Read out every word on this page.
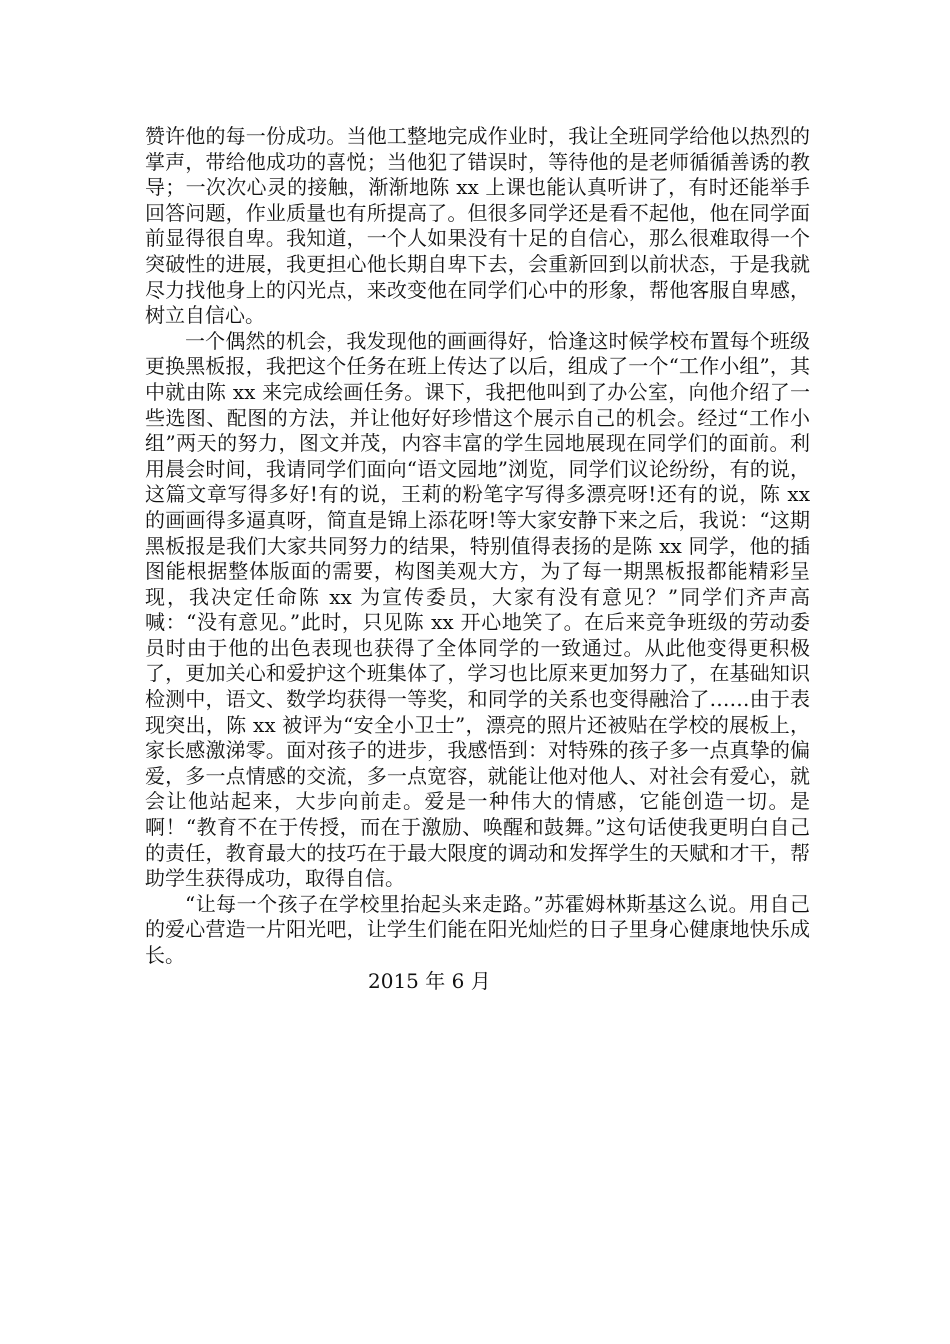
赞许他的每一份成功。当他工整地完成作业时，我让全班同学给他以热烈的掌声，带给他成功的喜悦；当他犯了错误时，等待他的是老师循循善诱的教导；一次次心灵的接触，渐渐地陈 xx 上课也能认真听讲了，有时还能举手回答问题，作业质量也有所提高了。但很多同学还是看不起他，他在同学面前显得很自卑。我知道，一个人如果没有十足的自信心，那么很难取得一个突破性的进展，我更担心他长期自卑下去，会重新回到以前状态，于是我就尽力找他身上的闪光点，来改变他在同学们心中的形象，帮他客服自卑感，树立自信心。

一个偶然的机会，我发现他的画画得好，恰逢这时候学校布置每个班级更换黑板报，我把这个任务在班上传达了以后，组成了一个“工作小组”，其中就由陈 xx 来完成绘画任务。课下，我把他叫到了办公室，向他介绍了一些选图、配图的方法，并让他好好珍惜这个展示自己的机会。经过“工作小组”两天的努力，图文并茂，内容丰富的学生园地展现在同学们的面前。利用晨会时间，我请同学们面向“语文园地”浏览，同学们议论纷纷，有的说，这篇文章写得多好!有的说，王莉的粉笔字写得多漂亮呀!还有的说，陈 xx 的画画得多逼真呀，简直是锦上添花呀!等大家安静下来之后，我说：“这期黑板报是我们大家共同努力的结果，特别值得表扬的是陈 xx 同学，他的插图能根据整体版面的需要，构图美观大方，为了每一期黑板报都能精彩呈现，我决定任命陈 xx 为宣传委员，大家有没有意见？”同学们齐声高喊：“没有意见。”此时，只见陈 xx 开心地笑了。在后来竞争班级的劳动委员时由于他的出色表现也获得了全体同学的一致通过。从此他变得更积极了，更加关心和爱护这个班集体了，学习也比原来更加努力了，在基础知识检测中，语文、数学均获得一等奖，和同学的关系也变得融洽了……由于表现突出，陈 xx 被评为“安全小卫士”，漂亮的照片还被贴在学校的展板上，家长感激涕零。面对孩子的进步，我感悟到：对特殊的孩子多一点真挚的偏爱，多一点情感的交流，多一点宽容，就能让他对他人、对社会有爱心，就会让他站起来，大步向前走。爱是一种伟大的情感，它能创造一切。是啊！“教育不在于传授，而在于激励、唤醒和鼓舞。”这句话使我更明白自己的责任，教育最大的技巧在于最大限度的调动和发挥学生的天赋和才干，帮助学生获得成功，取得自信。

“让每一个孩子在学校里抬起头来走路。”苏霍姆林斯基这么说。用自己的爱心营造一片阳光吧，让学生们能在阳光灿烂的日子里身心健康地快乐成长。

2015 年 6 月
